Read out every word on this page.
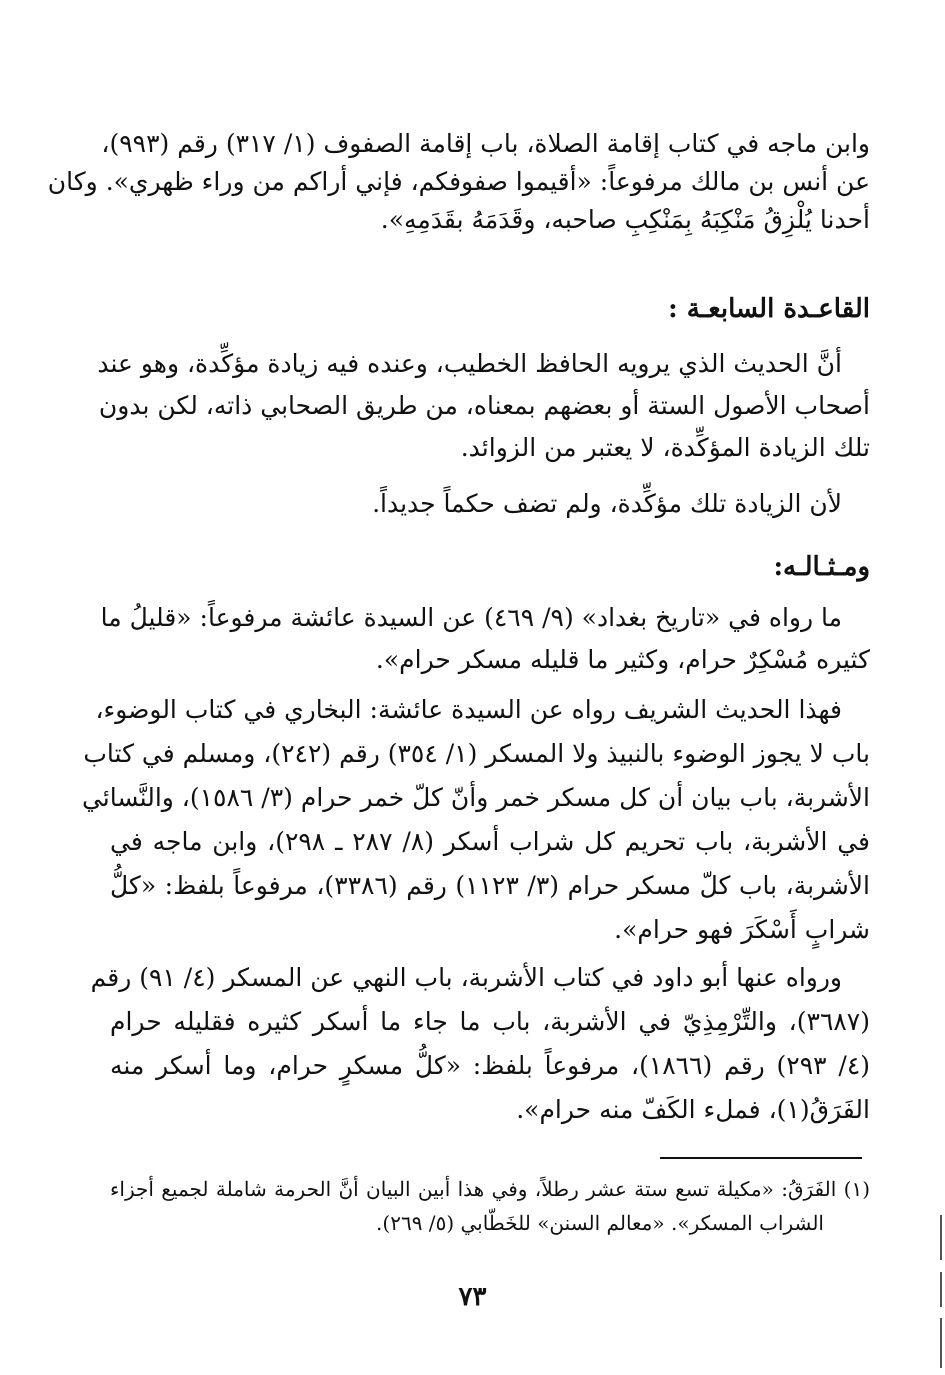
وابن ماجه في كتاب إقامة الصلاة، باب إقامة الصفوف (١/ ٣١٧) رقم (٩٩٣)،
عن أنس بن مالك مرفوعاً: «أقيموا صفوفكم، فإني أراكم من وراء ظهري». وكان
أحدنا يُلْزِقُ مَنْكِبَهُ بِمَنْكِبِ صاحبه، وقَدَمَهُ بقَدَمِهِ».
القاعـدة السابعـة :
أنَّ الحديث الذي يرويه الحافظ الخطيب، وعنده فيه زيادة مؤكِّدة، وهو عند
أصحاب الأصول الستة أو بعضهم بمعناه، من طريق الصحابي ذاته، لكن بدون
تلك الزيادة المؤكِّدة، لا يعتبر من الزوائد.
لأن الزيادة تلك مؤكِّدة، ولم تضف حكماً جديداً.
ومـثـالـه:
ما رواه في «تاريخ بغداد» (٩/ ٤٦٩) عن السيدة عائشة مرفوعاً: «قليلُ ما
كثيره مُسْكِرٌ حرام، وكثير ما قليله مسكر حرام».
فهذا الحديث الشريف رواه عن السيدة عائشة: البخاري في كتاب الوضوء،
باب لا يجوز الوضوء بالنبيذ ولا المسكر (١/ ٣٥٤) رقم (٢٤٢)، ومسلم في كتاب
الأشربة، باب بيان أن كل مسكر خمر وأنّ كلّ خمر حرام (٣/ ١٥٨٦)، والنَّسائي
في الأشربة، باب تحريم كل شراب أسكر (٨/ ٢٨٧ ـ ٢٩٨)، وابن ماجه في
الأشربة، باب كلّ مسكر حرام (٣/ ١١٢٣) رقم (٣٣٨٦)، مرفوعاً بلفظ: «كلُّ
شرابٍ أَسْكَرَ فهو حرام».
ورواه عنها أبو داود في كتاب الأشربة، باب النهي عن المسكر (٤/ ٩١) رقم
(٣٦٨٧)، والتِّرْمِذِيّ في الأشربة، باب ما جاء ما أسكر كثيره فقليله حرام
(٤/ ٢٩٣) رقم (١٨٦٦)، مرفوعاً بلفظ: «كلُّ مسكرٍ حرام، وما أسكر منه
الفَرَقُ(١)، فملء الكَفّ منه حرام».
(١) الفَرَقُ: «مكيلة تسع ستة عشر رطلاً، وفي هذا أبين البيان أنَّ الحرمة شاملة لجميع أجزاء
الشراب المسكر». «معالم السنن» للخَطّابي (٥/ ٢٦٩).
٧٣
